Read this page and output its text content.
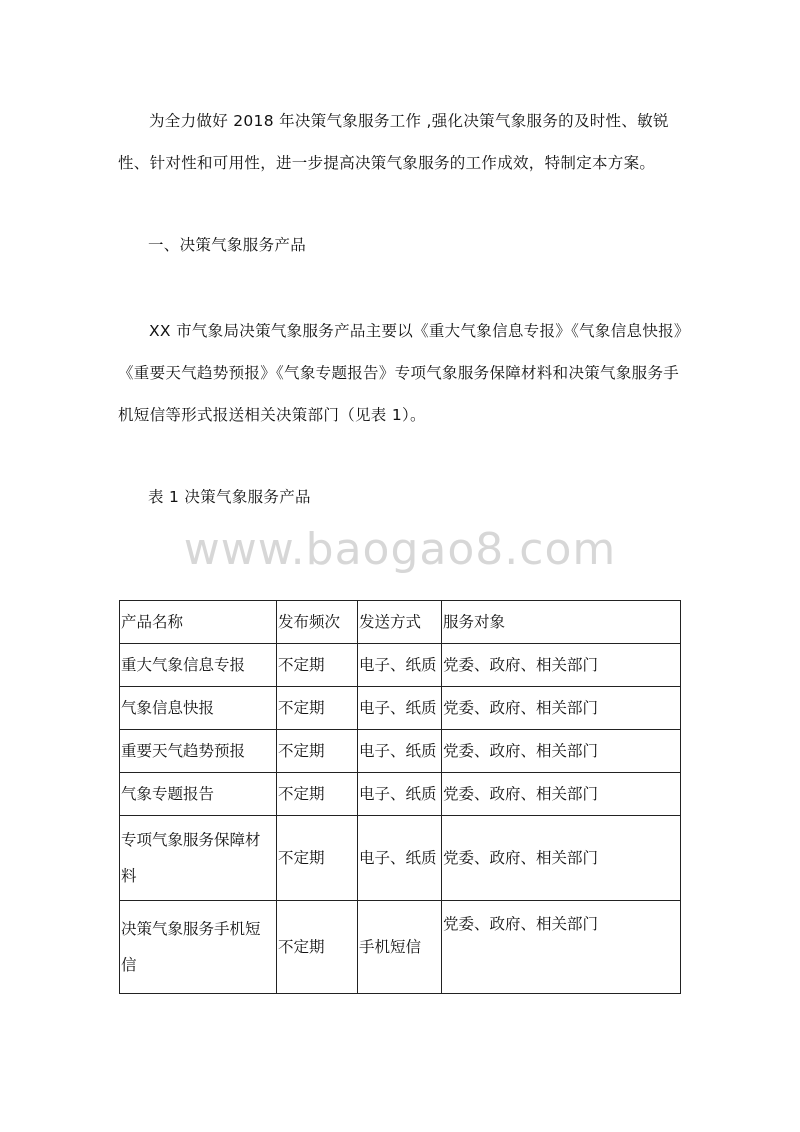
为全力做好 2018 年决策气象服务工作 ,强化决策气象服务的及时性、敏锐性、针对性和可用性，进一步提高决策气象服务的工作成效，特制定本方案。

一、决策气象服务产品

XX 市气象局决策气象服务产品主要以《重大气象信息专报》《气象信息快报》《重要天气趋势预报》《气象专题报告》专项气象服务保障材料和决策气象服务手机短信等形式报送相关决策部门（见表 1）。

表 1 决策气象服务产品

www.baogao8.com
产品名称	发布频次	发送方式	服务对象
重大气象信息专报	不定期	电子、纸质	党委、政府、相关部门
气象信息快报	不定期	电子、纸质	党委、政府、相关部门
重要天气趋势预报	不定期	电子、纸质	党委、政府、相关部门
气象专题报告	不定期	电子、纸质	党委、政府、相关部门
专项气象服务保障材料	不定期	电子、纸质	党委、政府、相关部门
决策气象服务手机短信	不定期	手机短信	党委、政府、相关部门
